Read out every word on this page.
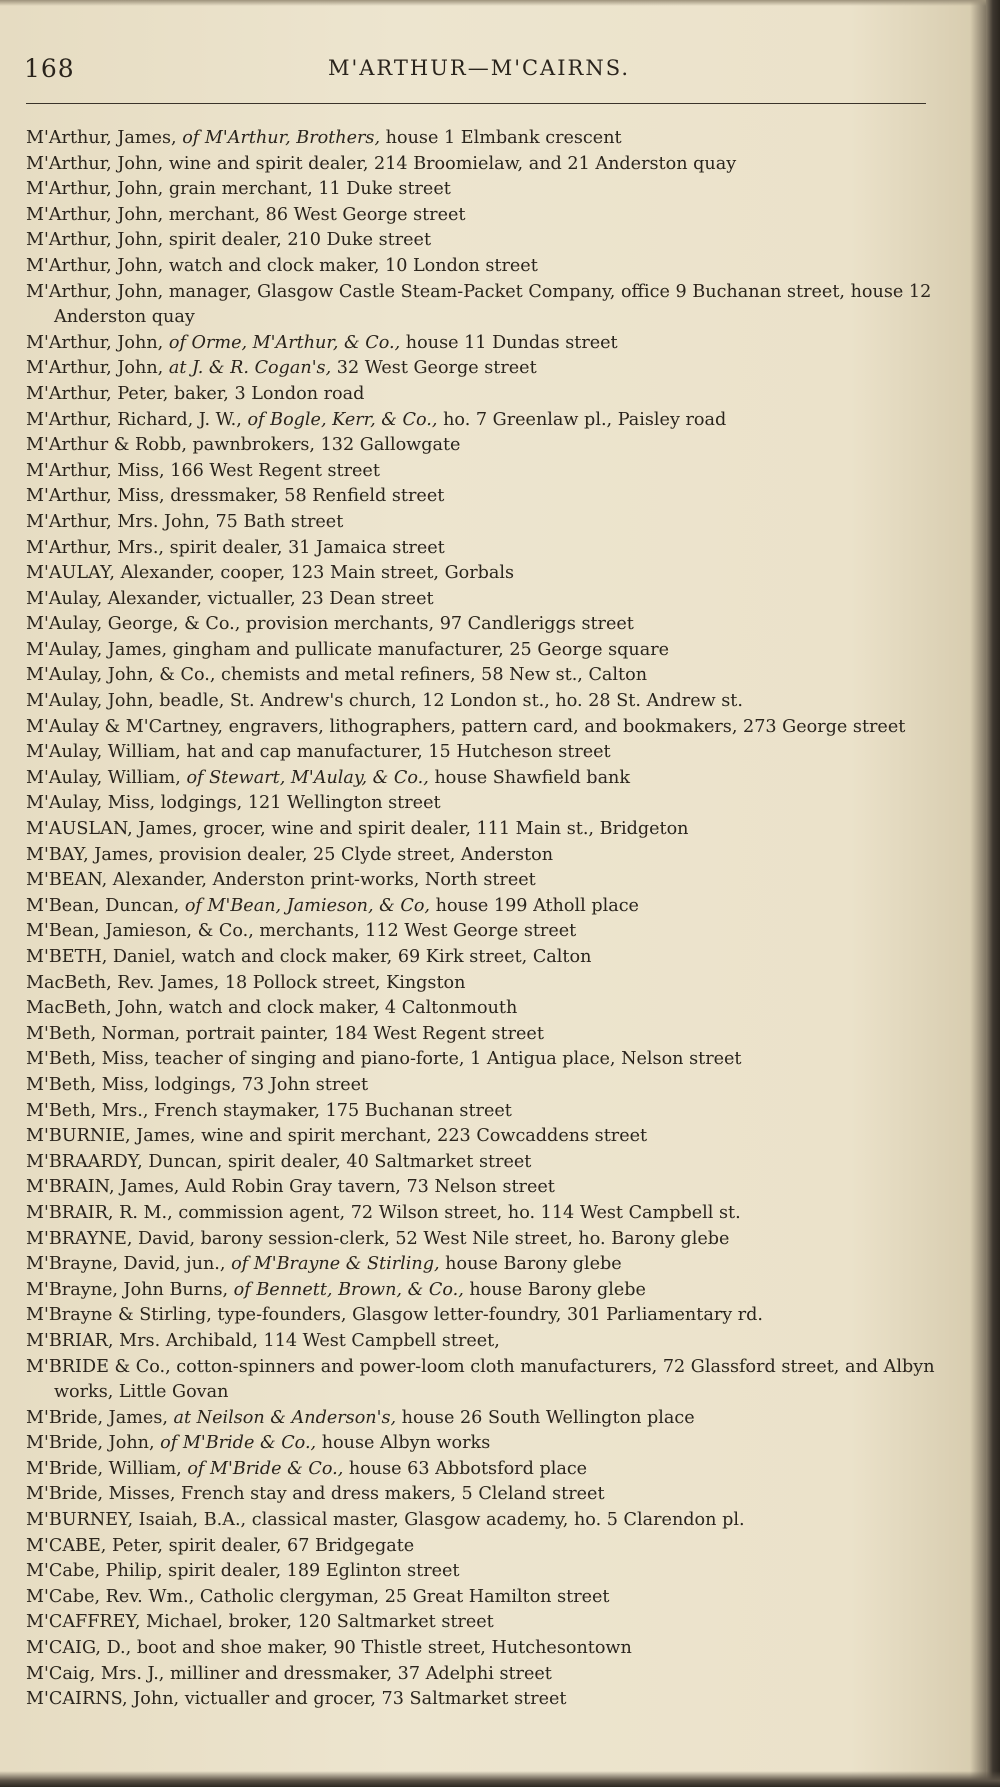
168	M'ARTHUR—M'CAIRNS.
M'Arthur, James, of M'Arthur, Brothers, house 1 Elmbank crescent
M'Arthur, John, wine and spirit dealer, 214 Broomielaw, and 21 Anderston quay
M'Arthur, John, grain merchant, 11 Duke street
M'Arthur, John, merchant, 86 West George street
M'Arthur, John, spirit dealer, 210 Duke street
M'Arthur, John, watch and clock maker, 10 London street
M'Arthur, John, manager, Glasgow Castle Steam-Packet Company, office 9 Buchanan street, house 12 Anderston quay
M'Arthur, John, of Orme, M'Arthur, & Co., house 11 Dundas street
M'Arthur, John, at J. & R. Cogan's, 32 West George street
M'Arthur, Peter, baker, 3 London road
M'Arthur, Richard, J. W., of Bogle, Kerr, & Co., ho. 7 Greenlaw pl., Paisley road
M'Arthur & Robb, pawnbrokers, 132 Gallowgate
M'Arthur, Miss, 166 West Regent street
M'Arthur, Miss, dressmaker, 58 Renfield street
M'Arthur, Mrs. John, 75 Bath street
M'Arthur, Mrs., spirit dealer, 31 Jamaica street
M'AULAY, Alexander, cooper, 123 Main street, Gorbals
M'Aulay, Alexander, victualler, 23 Dean street
M'Aulay, George, & Co., provision merchants, 97 Candleriggs street
M'Aulay, James, gingham and pullicate manufacturer, 25 George square
M'Aulay, John, & Co., chemists and metal refiners, 58 New st., Calton
M'Aulay, John, beadle, St. Andrew's church, 12 London st., ho. 28 St. Andrew st.
M'Aulay & M'Cartney, engravers, lithographers, pattern card, and bookmakers, 273 George street
M'Aulay, William, hat and cap manufacturer, 15 Hutcheson street
M'Aulay, William, of Stewart, M'Aulay, & Co., house Shawfield bank
M'Aulay, Miss, lodgings, 121 Wellington street
M'AUSLAN, James, grocer, wine and spirit dealer, 111 Main st., Bridgeton
M'BAY, James, provision dealer, 25 Clyde street, Anderston
M'BEAN, Alexander, Anderston print-works, North street
M'Bean, Duncan, of M'Bean, Jamieson, & Co, house 199 Atholl place
M'Bean, Jamieson, & Co., merchants, 112 West George street
M'BETH, Daniel, watch and clock maker, 69 Kirk street, Calton
MacBeth, Rev. James, 18 Pollock street, Kingston
MacBeth, John, watch and clock maker, 4 Caltonmouth
M'Beth, Norman, portrait painter, 184 West Regent street
M'Beth, Miss, teacher of singing and piano-forte, 1 Antigua place, Nelson street
M'Beth, Miss, lodgings, 73 John street
M'Beth, Mrs., French staymaker, 175 Buchanan street
M'BURNIE, James, wine and spirit merchant, 223 Cowcaddens street
M'BRAARDY, Duncan, spirit dealer, 40 Saltmarket street
M'BRAIN, James, Auld Robin Gray tavern, 73 Nelson street
M'BRAIR, R. M., commission agent, 72 Wilson street, ho. 114 West Campbell st.
M'BRAYNE, David, barony session-clerk, 52 West Nile street, ho. Barony glebe
M'Brayne, David, jun., of M'Brayne & Stirling, house Barony glebe
M'Brayne, John Burns, of Bennett, Brown, & Co., house Barony glebe
M'Brayne & Stirling, type-founders, Glasgow letter-foundry, 301 Parliamentary rd.
M'BRIAR, Mrs. Archibald, 114 West Campbell street,
M'BRIDE & Co., cotton-spinners and power-loom cloth manufacturers, 72 Glassford street, and Albyn works, Little Govan
M'Bride, James, at Neilson & Anderson's, house 26 South Wellington place
M'Bride, John, of M'Bride & Co., house Albyn works
M'Bride, William, of M'Bride & Co., house 63 Abbotsford place
M'Bride, Misses, French stay and dress makers, 5 Cleland street
M'BURNEY, Isaiah, B.A., classical master, Glasgow academy, ho. 5 Clarendon pl.
M'CABE, Peter, spirit dealer, 67 Bridgegate
M'Cabe, Philip, spirit dealer, 189 Eglinton street
M'Cabe, Rev. Wm., Catholic clergyman, 25 Great Hamilton street
M'CAFFREY, Michael, broker, 120 Saltmarket street
M'CAIG, D., boot and shoe maker, 90 Thistle street, Hutchesontown
M'Caig, Mrs. J., milliner and dressmaker, 37 Adelphi street
M'CAIRNS, John, victualler and grocer, 73 Saltmarket street
